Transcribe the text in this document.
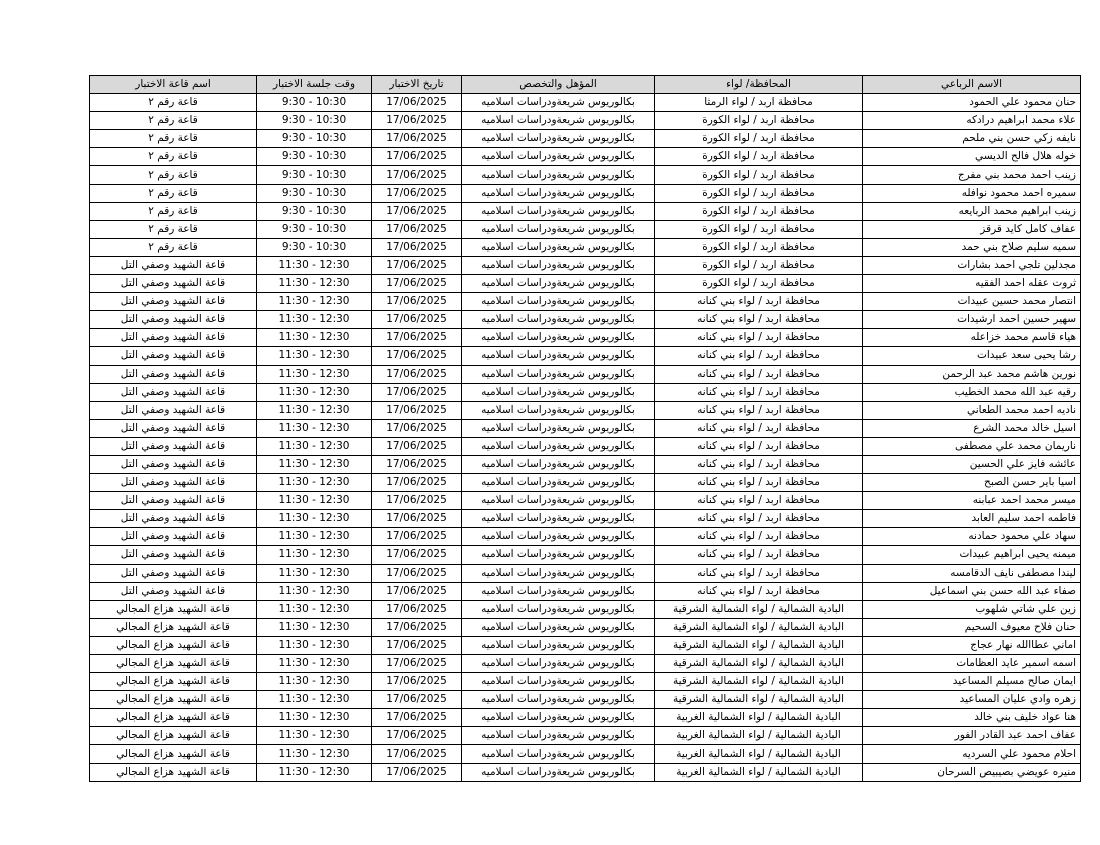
الاسم الرباعي	المحافظة/ لواء	المؤهل والتخصص	تاريخ الاختبار	وقت جلسة الاختبار	اسم قاعة الاختبار
حنان محمود علي الحمود	محافظة اربد / لواء الرمثا	بكالوريوس شريعةودراسات اسلاميه	17/06/2025	9:30 - 10:30	قاعة رقم ٢
علاء محمد ابراهيم درادكه	محافظة اربد / لواء الكورة	بكالوريوس شريعةودراسات اسلاميه	17/06/2025	9:30 - 10:30	قاعة رقم ٢
نايفه زكي حسن بني ملحم	محافظة اربد / لواء الكورة	بكالوريوس شريعةودراسات اسلاميه	17/06/2025	9:30 - 10:30	قاعة رقم ٢
خوله هلال فالح الديسي	محافظة اربد / لواء الكورة	بكالوريوس شريعةودراسات اسلاميه	17/06/2025	9:30 - 10:30	قاعة رقم ٢
زينب احمد محمد بني مفرج	محافظة اربد / لواء الكورة	بكالوريوس شريعةودراسات اسلاميه	17/06/2025	9:30 - 10:30	قاعة رقم ٢
سميره احمد محمود نوافله	محافظة اربد / لواء الكورة	بكالوريوس شريعةودراسات اسلاميه	17/06/2025	9:30 - 10:30	قاعة رقم ٢
زينب ابراهيم محمد الربايعه	محافظة اربد / لواء الكورة	بكالوريوس شريعةودراسات اسلاميه	17/06/2025	9:30 - 10:30	قاعة رقم ٢
عفاف كامل كايد قرقز	محافظة اربد / لواء الكورة	بكالوريوس شريعةودراسات اسلاميه	17/06/2025	9:30 - 10:30	قاعة رقم ٢
سميه سليم صلاح بني حمد	محافظة اربد / لواء الكورة	بكالوريوس شريعةودراسات اسلاميه	17/06/2025	9:30 - 10:30	قاعة رقم ٢
مجدلين تلجي احمد بشارات	محافظة اربد / لواء الكورة	بكالوريوس شريعةودراسات اسلاميه	17/06/2025	11:30 - 12:30	قاعة الشهيد وصفي التل
ثروت عقله احمد الفقيه	محافظة اربد / لواء الكورة	بكالوريوس شريعةودراسات اسلاميه	17/06/2025	11:30 - 12:30	قاعة الشهيد وصفي التل
انتصار محمد حسين عبيدات	محافظة اربد / لواء بني كنانه	بكالوريوس شريعةودراسات اسلاميه	17/06/2025	11:30 - 12:30	قاعة الشهيد وصفي التل
سهير حسين احمد ارشيدات	محافظة اربد / لواء بني كنانه	بكالوريوس شريعةودراسات اسلاميه	17/06/2025	11:30 - 12:30	قاعة الشهيد وصفي التل
هياء قاسم محمد خزاعله	محافظة اربد / لواء بني كنانه	بكالوريوس شريعةودراسات اسلاميه	17/06/2025	11:30 - 12:30	قاعة الشهيد وصفي التل
رشا يحيى سعد عبيدات	محافظة اربد / لواء بني كنانه	بكالوريوس شريعةودراسات اسلاميه	17/06/2025	11:30 - 12:30	قاعة الشهيد وصفي التل
نورين هاشم محمد عبد الرحمن	محافظة اربد / لواء بني كنانه	بكالوريوس شريعةودراسات اسلاميه	17/06/2025	11:30 - 12:30	قاعة الشهيد وصفي التل
رقيه عبد الله محمد الخطيب	محافظة اربد / لواء بني كنانه	بكالوريوس شريعةودراسات اسلاميه	17/06/2025	11:30 - 12:30	قاعة الشهيد وصفي التل
ناديه احمد محمد الطعاني	محافظة اربد / لواء بني كنانه	بكالوريوس شريعةودراسات اسلاميه	17/06/2025	11:30 - 12:30	قاعة الشهيد وصفي التل
اسيل خالد محمد الشرع	محافظة اربد / لواء بني كنانه	بكالوريوس شريعةودراسات اسلاميه	17/06/2025	11:30 - 12:30	قاعة الشهيد وصفي التل
ناريمان محمد علي مصطفى	محافظة اربد / لواء بني كنانه	بكالوريوس شريعةودراسات اسلاميه	17/06/2025	11:30 - 12:30	قاعة الشهيد وصفي التل
عائشه فايز علي الحسين	محافظة اربد / لواء بني كنانه	بكالوريوس شريعةودراسات اسلاميه	17/06/2025	11:30 - 12:30	قاعة الشهيد وصفي التل
اسيا باير حسن الصبح	محافظة اربد / لواء بني كنانه	بكالوريوس شريعةودراسات اسلاميه	17/06/2025	11:30 - 12:30	قاعة الشهيد وصفي التل
ميسر محمد احمد عبابنه	محافظة اربد / لواء بني كنانه	بكالوريوس شريعةودراسات اسلاميه	17/06/2025	11:30 - 12:30	قاعة الشهيد وصفي التل
فاطمه احمد سليم العابد	محافظة اربد / لواء بني كنانه	بكالوريوس شريعةودراسات اسلاميه	17/06/2025	11:30 - 12:30	قاعة الشهيد وصفي التل
سهاد علي محمود حمادنه	محافظة اربد / لواء بني كنانه	بكالوريوس شريعةودراسات اسلاميه	17/06/2025	11:30 - 12:30	قاعة الشهيد وصفي التل
ميمنه يحيى ابراهيم عبيدات	محافظة اربد / لواء بني كنانه	بكالوريوس شريعةودراسات اسلاميه	17/06/2025	11:30 - 12:30	قاعة الشهيد وصفي التل
ليندا مصطفى نايف الدقامسه	محافظة اربد / لواء بني كنانه	بكالوريوس شريعةودراسات اسلاميه	17/06/2025	11:30 - 12:30	قاعة الشهيد وصفي التل
صفاء عبد الله حسن بني اسماعيل	محافظة اربد / لواء بني كنانه	بكالوريوس شريعةودراسات اسلاميه	17/06/2025	11:30 - 12:30	قاعة الشهيد وصفي التل
زين علي شاتي شلهوب	البادية الشمالية / لواء الشمالية الشرقية	بكالوريوس شريعةودراسات اسلاميه	17/06/2025	11:30 - 12:30	قاعة الشهيد هزاع المجالي
حنان فلاح معيوف السحيم	البادية الشمالية / لواء الشمالية الشرقية	بكالوريوس شريعةودراسات اسلاميه	17/06/2025	11:30 - 12:30	قاعة الشهيد هزاع المجالي
اماني عطاالله نهار عجاج	البادية الشمالية / لواء الشمالية الشرقية	بكالوريوس شريعةودراسات اسلاميه	17/06/2025	11:30 - 12:30	قاعة الشهيد هزاع المجالي
اسمه اسمير عايد العظامات	البادية الشمالية / لواء الشمالية الشرقية	بكالوريوس شريعةودراسات اسلاميه	17/06/2025	11:30 - 12:30	قاعة الشهيد هزاع المجالي
ايمان صالح مسيلم المساعيد	البادية الشمالية / لواء الشمالية الشرقية	بكالوريوس شريعةودراسات اسلاميه	17/06/2025	11:30 - 12:30	قاعة الشهيد هزاع المجالي
زهره وادي عليان المساعيد	البادية الشمالية / لواء الشمالية الشرقية	بكالوريوس شريعةودراسات اسلاميه	17/06/2025	11:30 - 12:30	قاعة الشهيد هزاع المجالي
هنا عواد خليف بني خالد	البادية الشمالية / لواء الشمالية الغربية	بكالوريوس شريعةودراسات اسلاميه	17/06/2025	11:30 - 12:30	قاعة الشهيد هزاع المجالي
عفاف احمد عبد القادر الفور	البادية الشمالية / لواء الشمالية الغربية	بكالوريوس شريعةودراسات اسلاميه	17/06/2025	11:30 - 12:30	قاعة الشهيد هزاع المجالي
احلام محمود علي السرديه	البادية الشمالية / لواء الشمالية الغربية	بكالوريوس شريعةودراسات اسلاميه	17/06/2025	11:30 - 12:30	قاعة الشهيد هزاع المجالي
منيره عويضي بصيبيص السرحان	البادية الشمالية / لواء الشمالية الغربية	بكالوريوس شريعةودراسات اسلاميه	17/06/2025	11:30 - 12:30	قاعة الشهيد هزاع المجالي
